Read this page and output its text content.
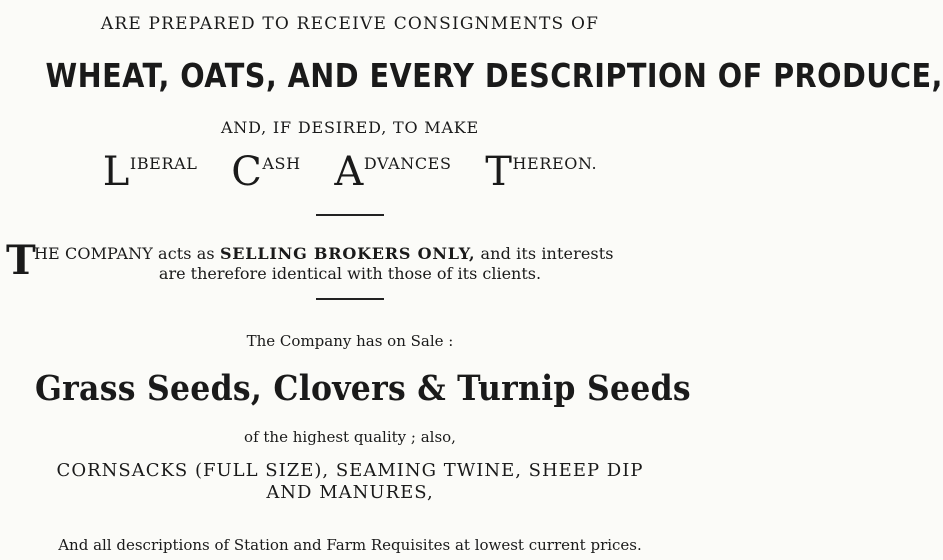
ARE PREPARED TO RECEIVE CONSIGNMENTS OF
WHEAT, OATS, AND EVERY DESCRIPTION OF PRODUCE,
AND, IF DESIRED, TO MAKE
LIBERAL CASH ADVANCES THEREON.
T
HE COMPANY acts as SELLING BROKERS ONLY, and its interests
are therefore identical with those of its clients.
The Company has on Sale :
Grass Seeds, Clovers & Turnip Seeds
of the highest quality ; also,
CORNSACKS (FULL SIZE), SEAMING TWINE, SHEEP DIP
AND MANURES,
And all descriptions of Station and Farm Requisites at lowest current prices.
